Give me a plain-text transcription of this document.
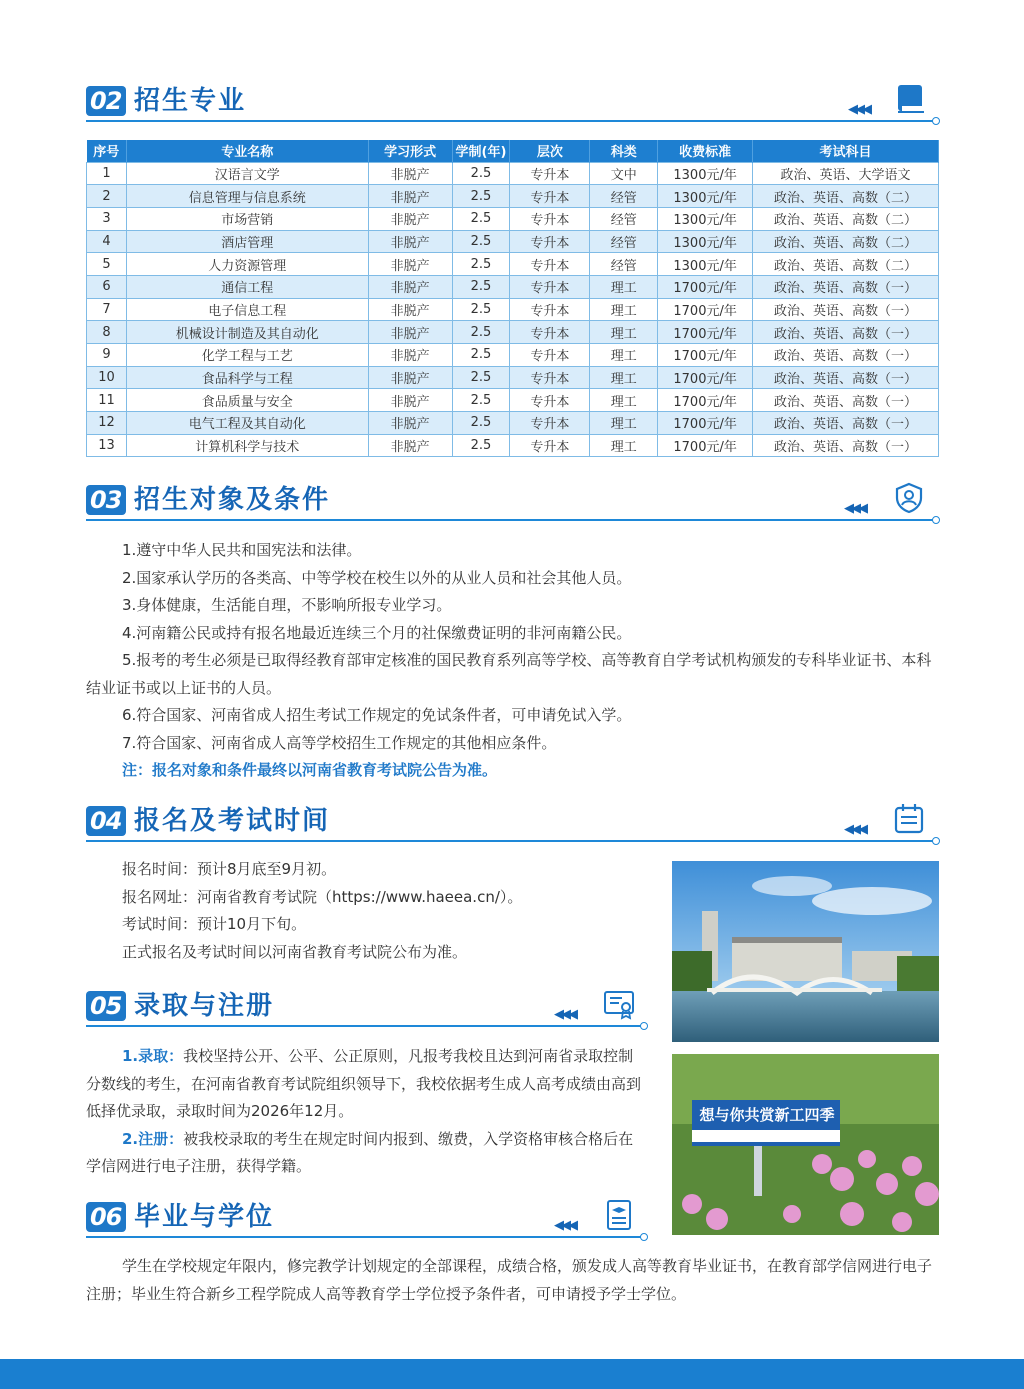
02 招生专业	◀◀◀
序号	专业名称	学习形式	学制(年)	层次	科类	收费标准	考试科目
1	汉语言文学	非脱产	2.5	专升本	文中	1300元/年	政治、英语、大学语文
2	信息管理与信息系统	非脱产	2.5	专升本	经管	1300元/年	政治、英语、高数（二）
3	市场营销	非脱产	2.5	专升本	经管	1300元/年	政治、英语、高数（二）
4	酒店管理	非脱产	2.5	专升本	经管	1300元/年	政治、英语、高数（二）
5	人力资源管理	非脱产	2.5	专升本	经管	1300元/年	政治、英语、高数（二）
6	通信工程	非脱产	2.5	专升本	理工	1700元/年	政治、英语、高数（一）
7	电子信息工程	非脱产	2.5	专升本	理工	1700元/年	政治、英语、高数（一）
8	机械设计制造及其自动化	非脱产	2.5	专升本	理工	1700元/年	政治、英语、高数（一）
9	化学工程与工艺	非脱产	2.5	专升本	理工	1700元/年	政治、英语、高数（一）
10	食品科学与工程	非脱产	2.5	专升本	理工	1700元/年	政治、英语、高数（一）
11	食品质量与安全	非脱产	2.5	专升本	理工	1700元/年	政治、英语、高数（一）
12	电气工程及其自动化	非脱产	2.5	专升本	理工	1700元/年	政治、英语、高数（一）
13	计算机科学与技术	非脱产	2.5	专升本	理工	1700元/年	政治、英语、高数（一）
03 招生对象及条件	◀◀◀

1.遵守中华人民共和国宪法和法律。

2.国家承认学历的各类高、中等学校在校生以外的从业人员和社会其他人员。

3.身体健康，生活能自理，不影响所报专业学习。

4.河南籍公民或持有报名地最近连续三个月的社保缴费证明的非河南籍公民。

5.报考的考生必须是已取得经教育部审定核准的国民教育系列高等学校、高等教育自学考试机构颁发的专科毕业证书、本科结业证书或以上证书的人员。

6.符合国家、河南省成人招生考试工作规定的免试条件者，可申请免试入学。

7.符合国家、河南省成人高等学校招生工作规定的其他相应条件。

注：报名对象和条件最终以河南省教育考试院公告为准。

04 报名及考试时间	◀◀◀

报名时间：预计8月底至9月初。

报名网址：河南省教育考试院（https://www.haeea.cn/）。

考试时间：预计10月下旬。

正式报名及考试时间以河南省教育考试院公布为准。

05 录取与注册	◀◀◀

1.录取：我校坚持公开、公平、公正原则，凡报考我校且达到河南省录取控制分数线的考生，在河南省教育考试院组织领导下，我校依据考生成人高考成绩由高到低择优录取，录取时间为2026年12月。

2.注册：被我校录取的考生在规定时间内报到、缴费，入学资格审核合格后在学信网进行电子注册，获得学籍。

06 毕业与学位	◀◀◀

学生在学校规定年限内，修完教学计划规定的全部课程，成绩合格，颁发成人高等教育毕业证书，在教育部学信网进行电子注册；毕业生符合新乡工程学院成人高等教育学士学位授予条件者，可申请授予学士学位。

想与你共赏新工四季
